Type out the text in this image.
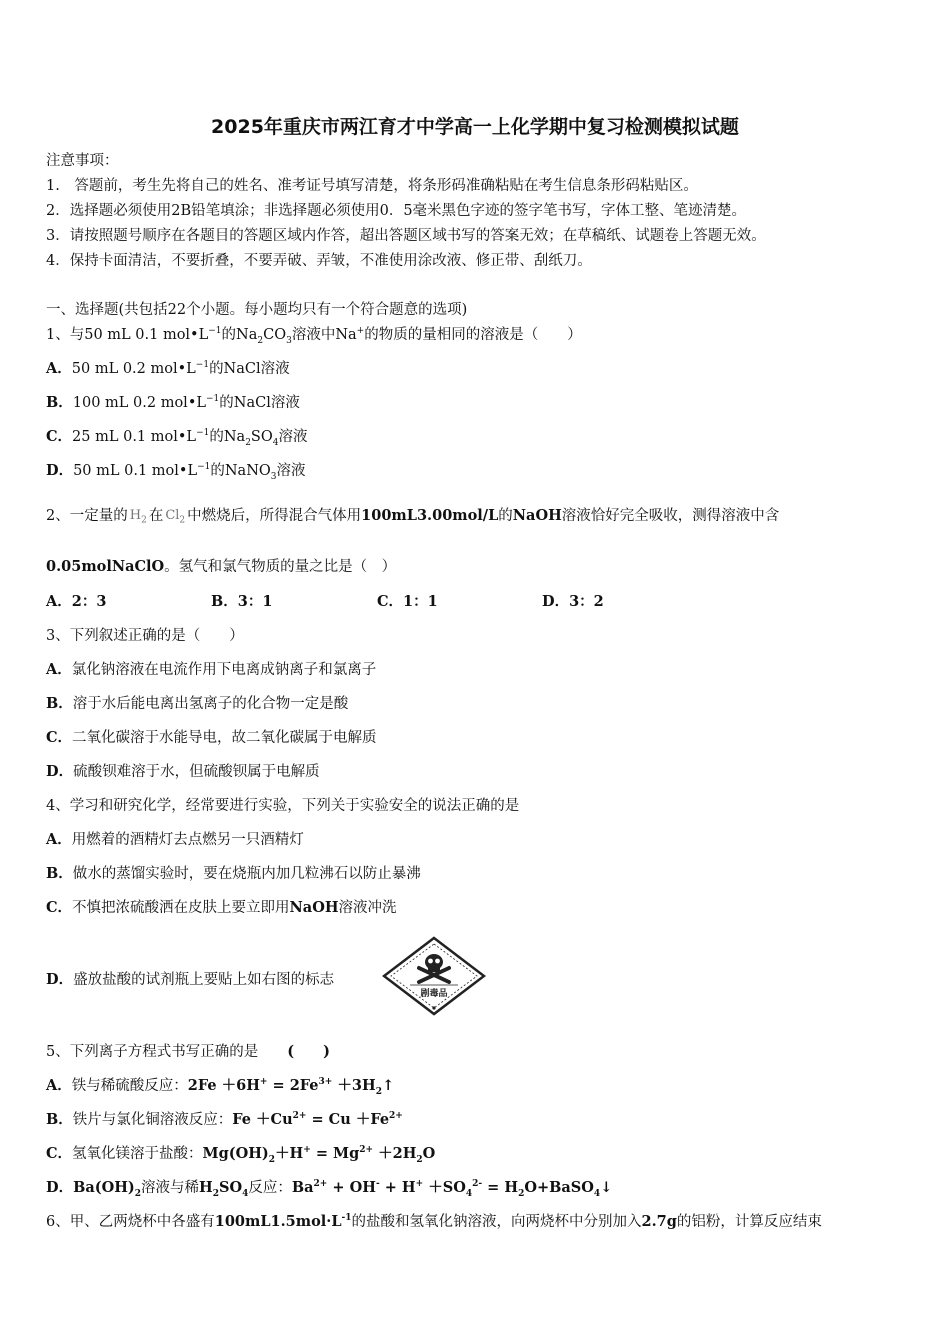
2025年重庆市两江育才中学高一上化学期中复习检测模拟试题
注意事项：
1.　答题前，考生先将自己的姓名、准考证号填写清楚，将条形码准确粘贴在考生信息条形码粘贴区。
2．选择题必须使用2B铅笔填涂；非选择题必须使用0．5毫米黑色字迹的签字笔书写，字体工整、笔迹清楚。
3．请按照题号顺序在各题目的答题区域内作答，超出答题区域书写的答案无效；在草稿纸、试题卷上答题无效。
4．保持卡面清洁，不要折叠，不要弄破、弄皱，不准使用涂改液、修正带、刮纸刀。
一、选择题(共包括22个小题。每小题均只有一个符合题意的选项)
1、与50 mL 0.1 $mol•L^{-1}$的$Na_2CO_3$溶液中Na+的物质的量相同的溶液是（　　）
A．50 mL 0.2 $mol•L^{-1}$的NaCl溶液
B．100 mL 0.2 $mol•L^{-1}$的NaCl溶液
C．25 mL 0.1 $mol•L^{-1}$的$Na_2SO_4$溶液
D．50 mL 0.1 $mol•L^{-1}$的NaNO$_3$溶液
2、一定量的 $H_2$ 在 $Cl_2$ 中燃烧后，所得混合气体用100mL3.00mol/L的NaOH溶液恰好完全吸收，测得溶液中含
0.05molNaClO。氢气和氯气物质的量之比是（　）
A．2：3	B．3：1	C．1：1	D．3：2
3、下列叙述正确的是（　　）
A．氯化钠溶液在电流作用下电离成钠离子和氯离子
B．溶于水后能电离出氢离子的化合物一定是酸
C．二氧化碳溶于水能导电，故二氧化碳属于电解质
D．硫酸钡难溶于水，但硫酸钡属于电解质
4、学习和研究化学，经常要进行实验，下列关于实验安全的说法正确的是
A．用燃着的酒精灯去点燃另一只酒精灯
B．做水的蒸馏实验时，要在烧瓶内加几粒沸石以防止暴沸
C．不慎把浓硫酸洒在皮肤上要立即用NaOH溶液冲洗
D．盛放盐酸的试剂瓶上要贴上如右图的标志
剧毒品
5、下列离子方程式书写正确的是　　(　　)
A．铁与稀硫酸反应：$2Fe +6H^+ = 2Fe^{3+}$ $+3H_2↑$
B．铁片与氯化铜溶液反应：$Fe +Cu^{2+} = Cu +Fe^{2+}$
C．氢氧化镁溶于盐酸：$Mg(OH)_2+H^+ = Mg^{2+} +2H_2O$
D．$Ba(OH)_2$溶液与稀$H_2SO_4$反应：$Ba^{2+} + OH^- + H^+ +SO_4^{2-}$ = $H_2O+BaSO_4↓$
6、甲、乙两烧杯中各盛有$100mL1.5mol\cdot L^{-1}$的盐酸和氢氧化钠溶液，向两烧杯中分别加入2.7g的铝粉，计算反应结束
